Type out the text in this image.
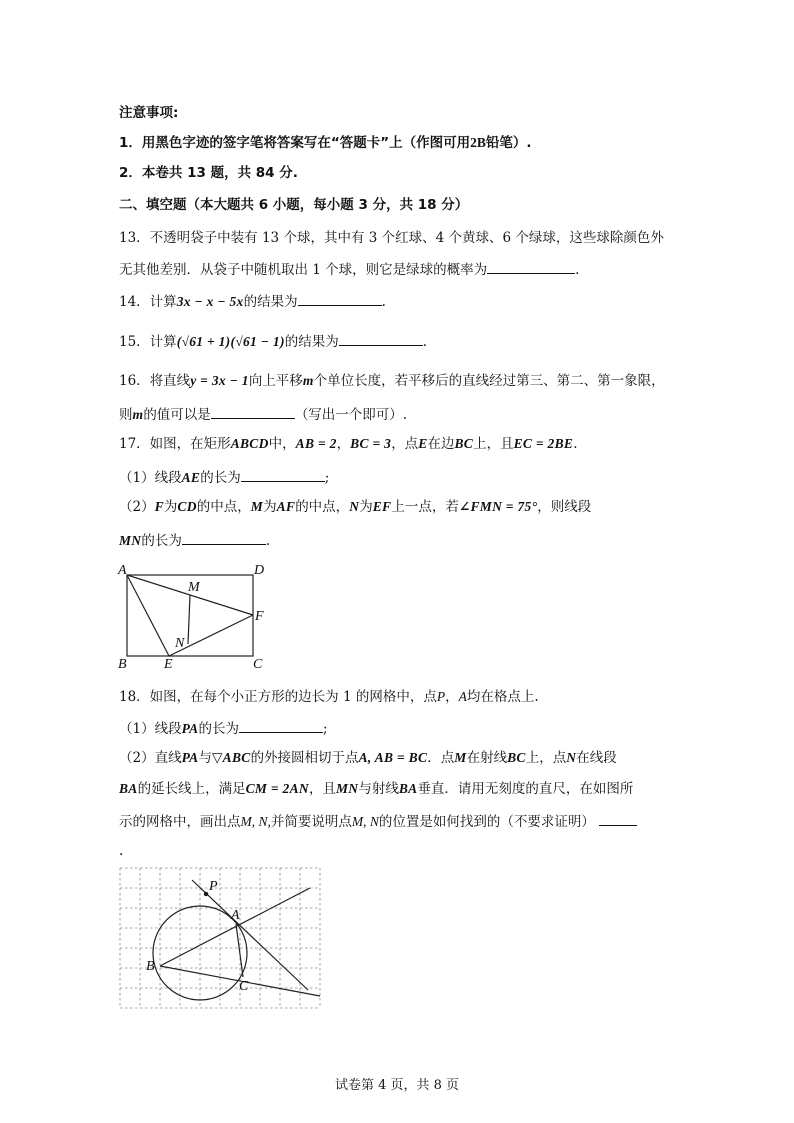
注意事项:
1．用黑色字迹的签字笔将答案写在“答题卡”上（作图可用2B铅笔）.
2．本卷共 13 题，共 84 分.
二、填空题（本大题共 6 小题，每小题 3 分，共 18 分）
13．不透明袋子中装有 13 个球，其中有 3 个红球、4 个黄球、6 个绿球，这些球除颜色外
无其他差别．从袋子中随机取出 1 个球，则它是绿球的概率为	.
14．计算3x − x − 5x的结果为	.
15．计算(√61 + 1)(√61 − 1)的结果为	.
16．将直线y = 3x − 1向上平移m个单位长度，若平移后的直线经过第三、第二、第一象限，
则m的值可以是	（写出一个即可）.
17．如图，在矩形ABCD中，AB = 2，BC = 3，点E在边BC上，且EC = 2BE.
（1）线段AE的长为	;
（2）F为CD的中点，M为AF的中点，N为EF上一点，若∠FMN = 75°，则线段
MN的长为	.
A	D
M
F
N
B	E	C
18．如图，在每个小正方形的边长为 1 的网格中，点P，A均在格点上.
（1）线段PA的长为	;
（2）直线PA与▽ABC的外接圆相切于点A, AB = BC．点M在射线BC上，点N在线段
BA的延长线上，满足CM = 2AN，且MN与射线BA垂直．请用无刻度的直尺，在如图所
示的网格中，画出点M, N,并简要说明点M, N的位置是如何找到的（不要求证明）
.
P
A
B
C
试卷第 4 页，共 8 页
